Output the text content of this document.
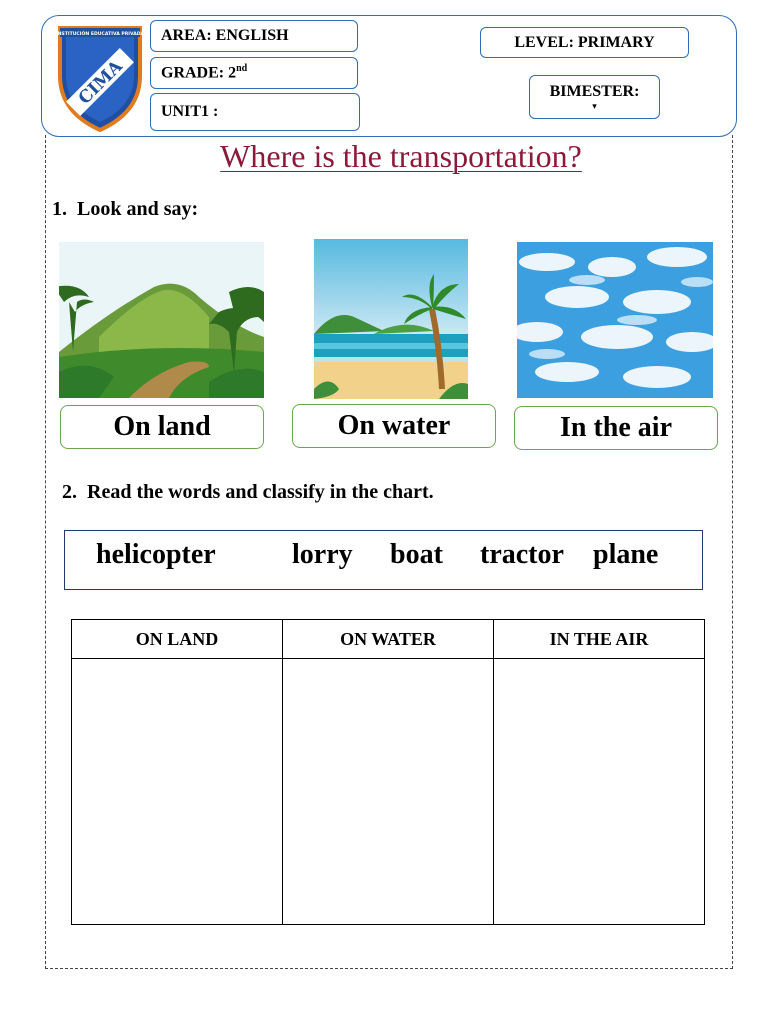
INSTITUCIÓN EDUCATIVA PRIVADA
CIMA
AREA: ENGLISH
GRADE: 2nd
UNIT1 :
LEVEL: PRIMARY
BIMESTER:
▾
Where is the transportation?
1. Look and say:
On land	On water	In the air
2. Read the words and classify in the chart.
helicopter	lorry boat tractor plane
ON LAND	ON WATER	IN THE AIR
